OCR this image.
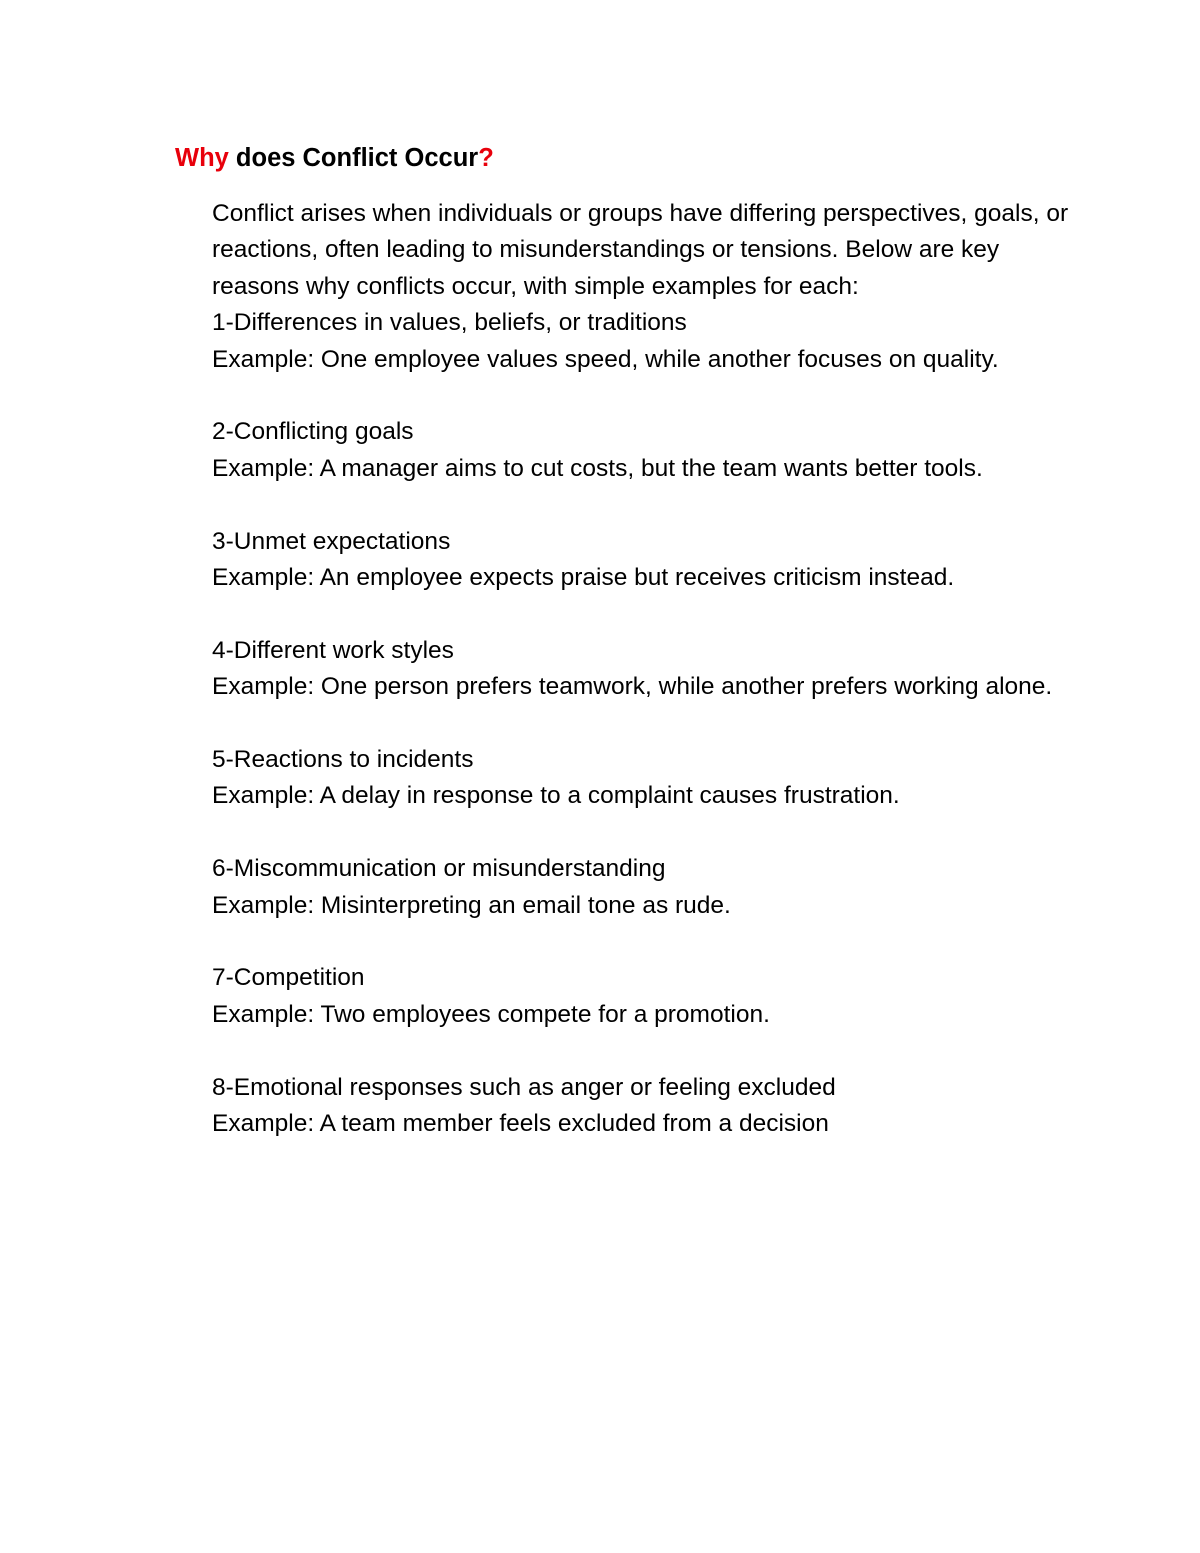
Why does Conflict Occur?

Conflict arises when individuals or groups have differing perspectives, goals, or reactions, often leading to misunderstandings or tensions. Below are key reasons why conflicts occur, with simple examples for each:

1-Differences in values, beliefs, or traditions
Example: One employee values speed, while another focuses on quality.
2-Conflicting goals
Example: A manager aims to cut costs, but the team wants better tools.
3-Unmet expectations
Example: An employee expects praise but receives criticism instead.
4-Different work styles
Example: One person prefers teamwork, while another prefers working alone.
5-Reactions to incidents
Example: A delay in response to a complaint causes frustration.
6-Miscommunication or misunderstanding
Example: Misinterpreting an email tone as rude.
7-Competition
Example: Two employees compete for a promotion.
8-Emotional responses such as anger or feeling excluded
Example: A team member feels excluded from a decision
